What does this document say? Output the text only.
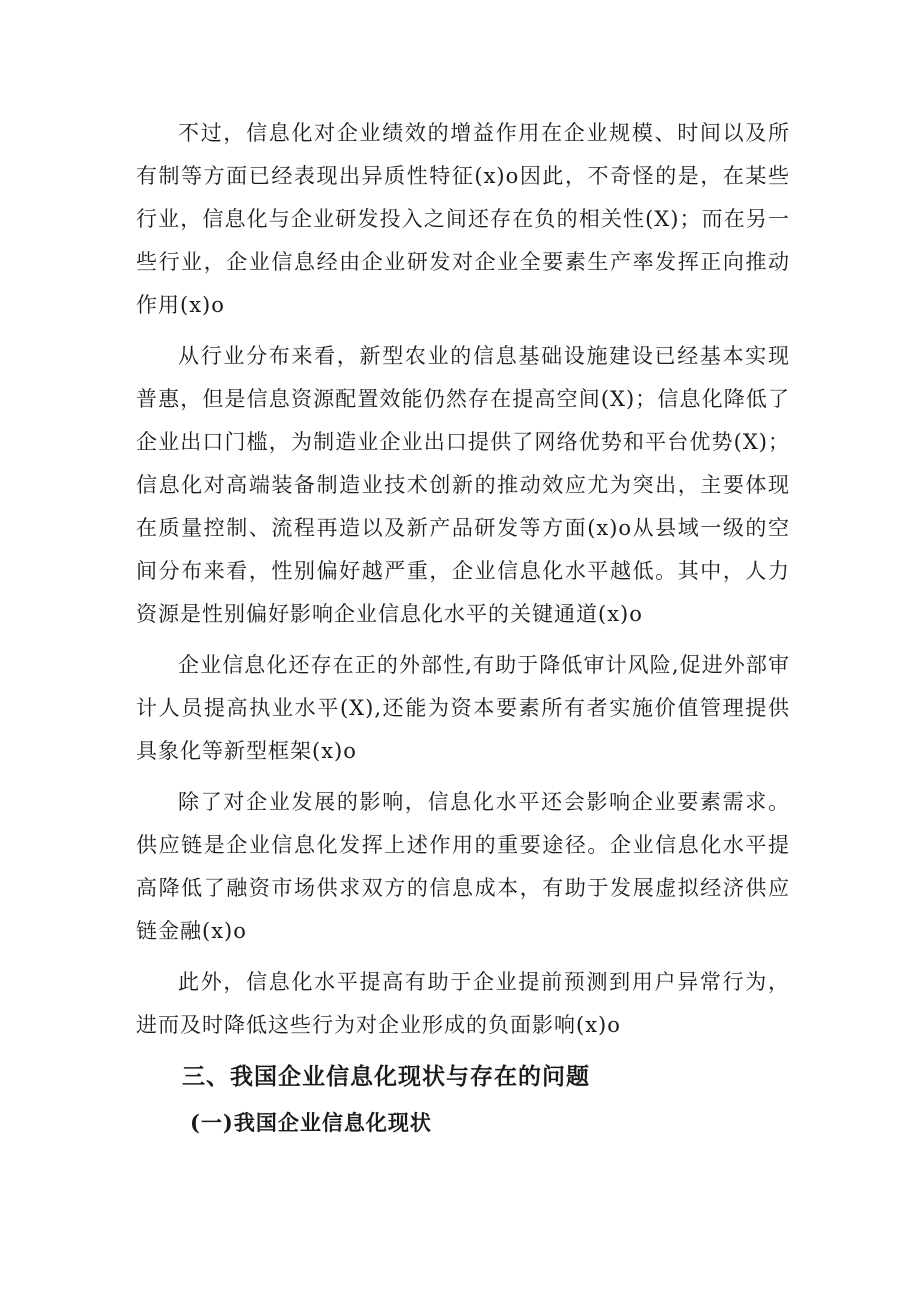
不过，信息化对企业绩效的增益作用在企业规模、时间以及所有制等方面已经表现出异质性特征(x)o因此，不奇怪的是，在某些行业，信息化与企业研发投入之间还存在负的相关性(X)；而在另一些行业，企业信息经由企业研发对企业全要素生产率发挥正向推动作用(x)o

从行业分布来看，新型农业的信息基础设施建设已经基本实现普惠，但是信息资源配置效能仍然存在提高空间(X)；信息化降低了企业出口门槛，为制造业企业出口提供了网络优势和平台优势(X)；信息化对高端装备制造业技术创新的推动效应尤为突出，主要体现在质量控制、流程再造以及新产品研发等方面(x)o从县域一级的空间分布来看，性别偏好越严重，企业信息化水平越低。其中，人力资源是性别偏好影响企业信息化水平的关键通道(x)o

企业信息化还存在正的外部性,有助于降低审计风险,促进外部审计人员提高执业水平(X),还能为资本要素所有者实施价值管理提供具象化等新型框架(x)o

除了对企业发展的影响，信息化水平还会影响企业要素需求。供应链是企业信息化发挥上述作用的重要途径。企业信息化水平提高降低了融资市场供求双方的信息成本，有助于发展虚拟经济供应链金融(x)o

此外，信息化水平提高有助于企业提前预测到用户异常行为，进而及时降低这些行为对企业形成的负面影响(x)o

三、我国企业信息化现状与存在的问题
(一)我国企业信息化现状
